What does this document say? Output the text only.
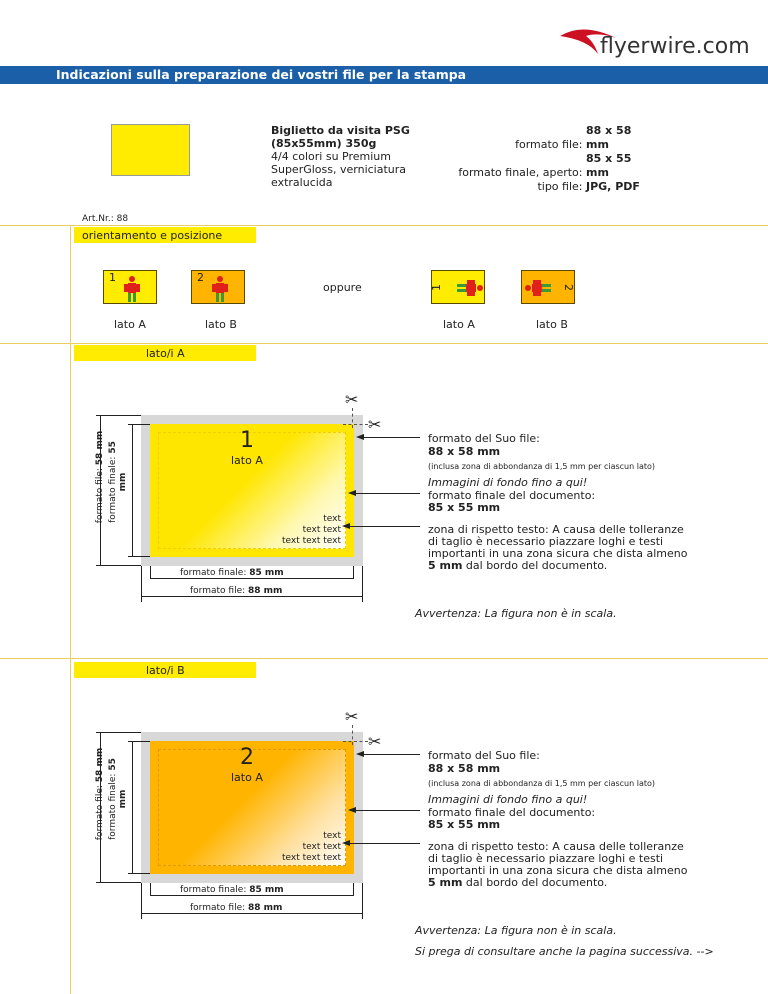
flyerwire.com
Indicazioni sulla preparazione dei vostri file per la stampa
Biglietto da visita PSG
(85x55mm) 350g
4/4 colori su Premium
SuperGloss, verniciatura
extralucida
formato file: 88 x 58 mm
formato finale, aperto: 85 x 55 mm
tipo file: JPG, PDF
Art.Nr.: 88
orientamento e posizione
1	2
oppure	1	2
lato A	lato B	lato A	lato B
lato/i A
1
lato A
text
text text
text text text
✂
✂
formato file: 58 mm
formato finale: 55 mm
formato finale: 85 mm
formato file: 88 mm
formato del Suo file:
88 x 58 mm
(inclusa zona di abbondanza di 1,5 mm per ciascun lato)
Immagini di fondo fino a qui!
formato finale del documento:
85 x 55 mm
zona di rispetto testo: A causa delle tolleranze
di taglio è necessario piazzare loghi e testi
importanti in una zona sicura che dista almeno
5 mm dal bordo del documento.
Avvertenza: La figura non è in scala.
lato/i B
2
lato A
text
text text
text text text
✂
✂
formato file: 58 mm
formato finale: 55 mm
formato finale: 85 mm
formato file: 88 mm
formato del Suo file:
88 x 58 mm
(inclusa zona di abbondanza di 1,5 mm per ciascun lato)
Immagini di fondo fino a qui!
formato finale del documento:
85 x 55 mm
zona di rispetto testo: A causa delle tolleranze
di taglio è necessario piazzare loghi e testi
importanti in una zona sicura che dista almeno
5 mm dal bordo del documento.
Avvertenza: La figura non è in scala.
Si prega di consultare anche la pagina successiva. -->
